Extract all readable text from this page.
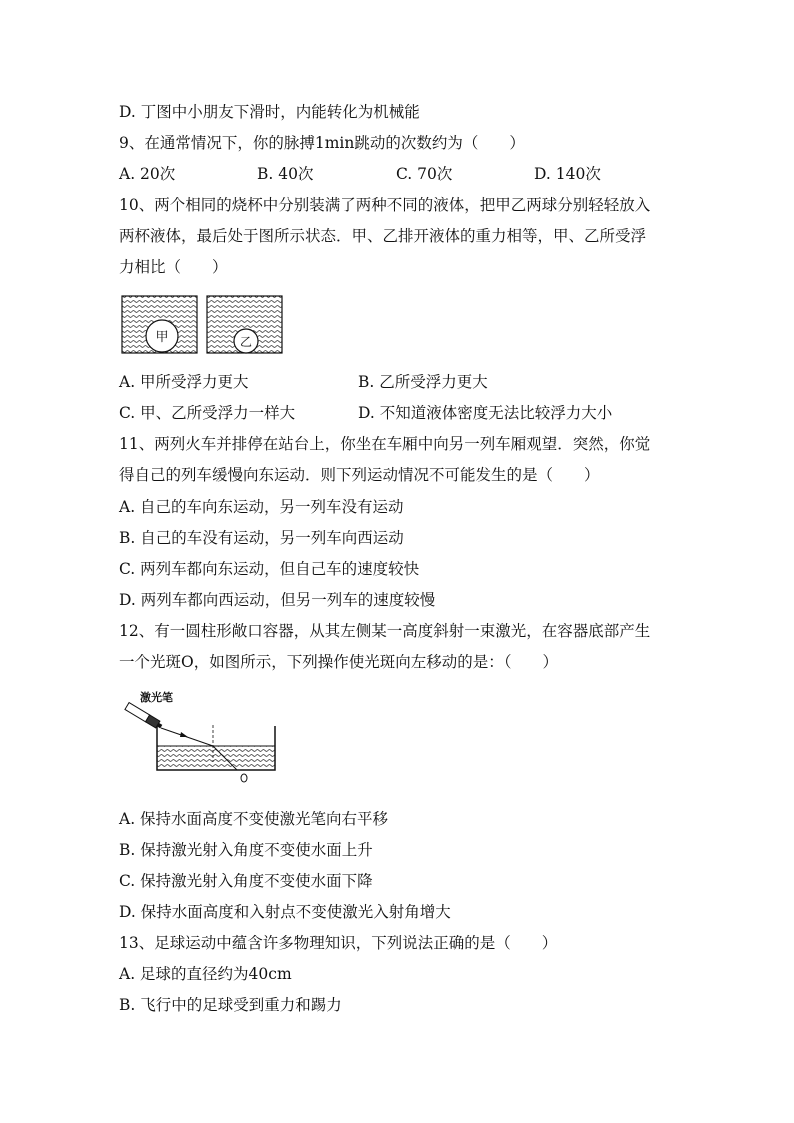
D. 丁图中小朋友下滑时，内能转化为机械能
9、在通常情况下，你的脉搏1min跳动的次数约为（　　）
A. 20次	B. 40次	C. 70次	D. 140次
10、两个相同的烧杯中分别装满了两种不同的液体，把甲乙两球分别轻轻放入
两杯液体，最后处于图所示状态．甲、乙排开液体的重力相等，甲、乙所受浮
力相比（　　）
甲	乙
A. 甲所受浮力更大	B. 乙所受浮力更大
C. 甲、乙所受浮力一样大	D. 不知道液体密度无法比较浮力大小
11、两列火车并排停在站台上，你坐在车厢中向另一列车厢观望．突然，你觉
得自己的列车缓慢向东运动．则下列运动情况不可能发生的是（　　）
A. 自己的车向东运动，另一列车没有运动
B. 自己的车没有运动，另一列车向西运动
C. 两列车都向东运动，但自己车的速度较快
D. 两列车都向西运动，但另一列车的速度较慢
12、有一圆柱形敞口容器，从其左侧某一高度斜射一束激光，在容器底部产生
一个光斑O，如图所示，下列操作使光斑向左移动的是：（　　）
激光笔
A. 保持水面高度不变使激光笔向右平移
B. 保持激光射入角度不变使水面上升
C. 保持激光射入角度不变使水面下降
D. 保持水面高度和入射点不变使激光入射角增大
13、足球运动中蕴含许多物理知识，下列说法正确的是（　　）
A. 足球的直径约为40cm
B. 飞行中的足球受到重力和踢力
